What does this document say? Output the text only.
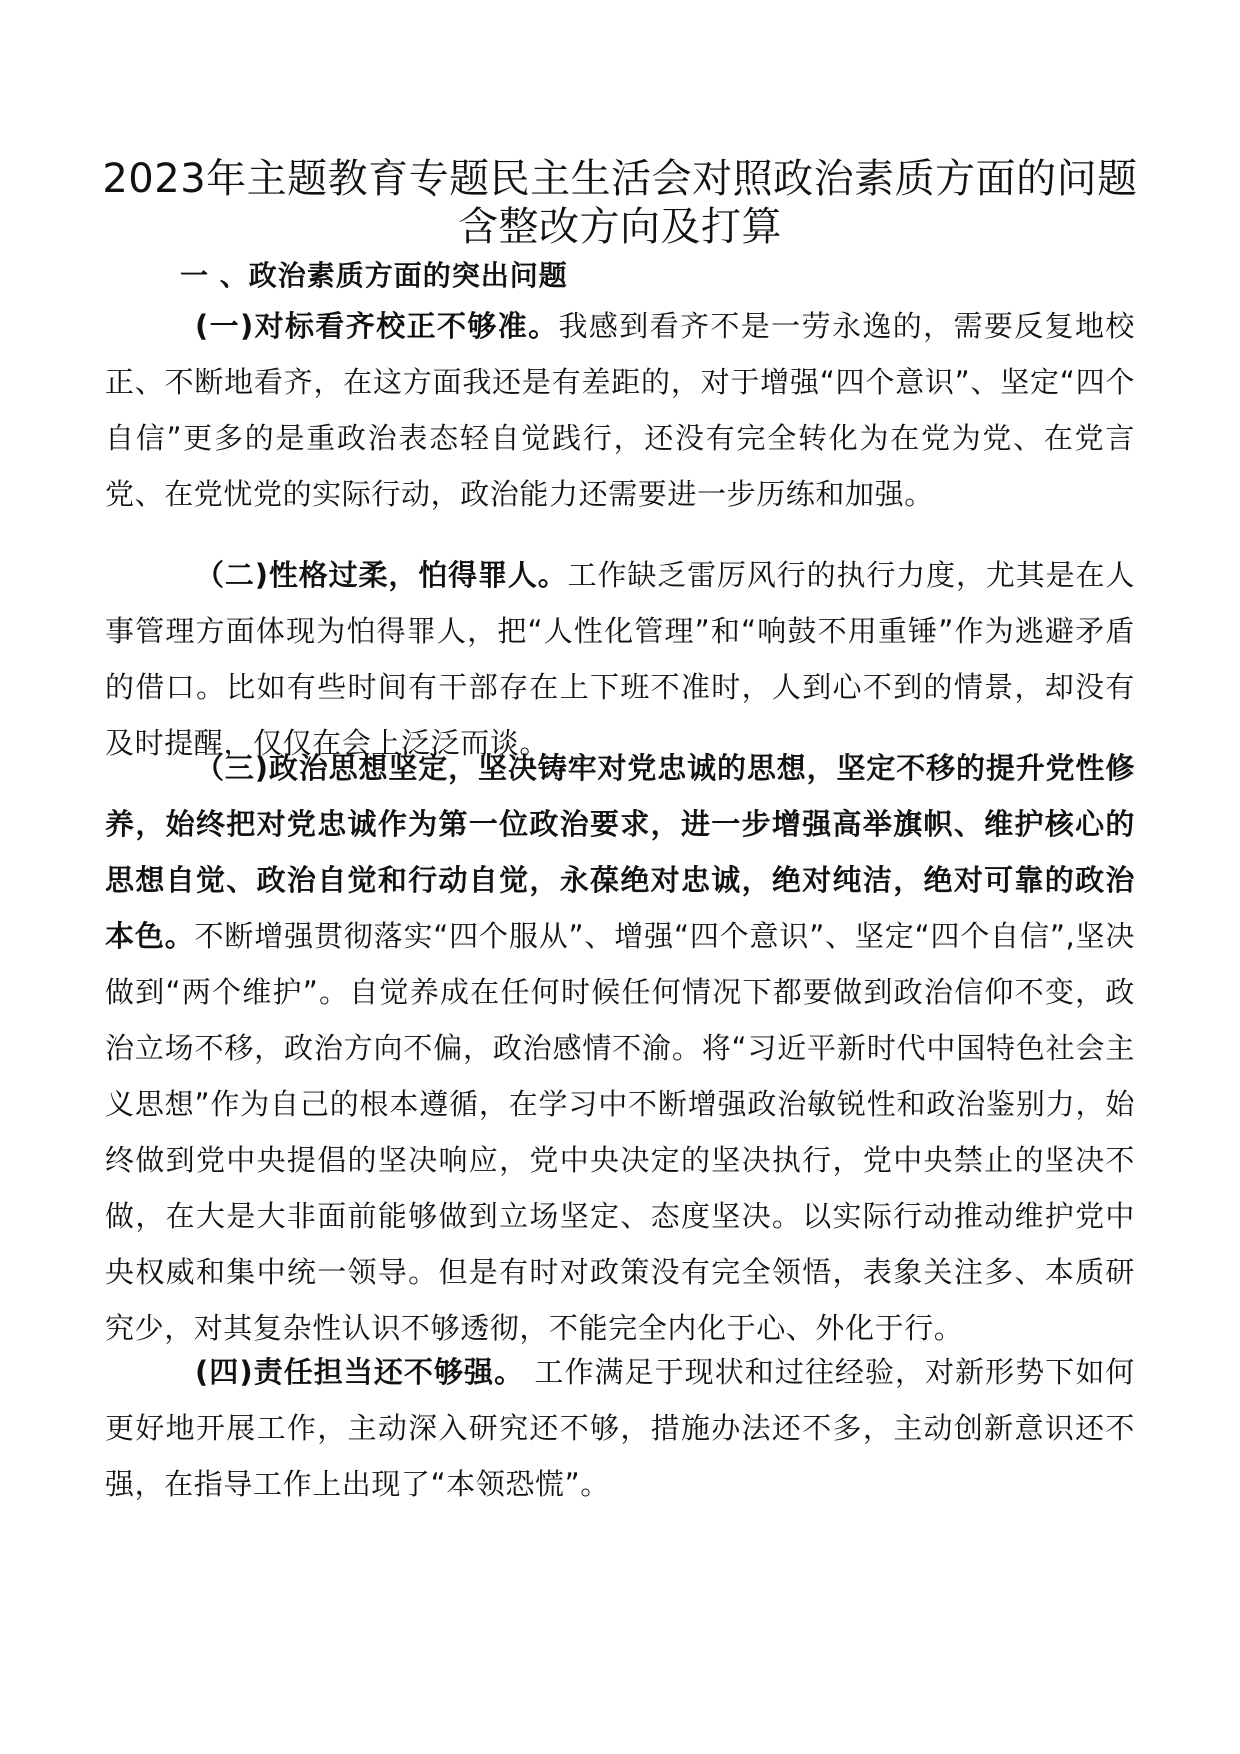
2023年主题教育专题民主生活会对照政治素质方面的问题含整改方向及打算
一 、政治素质方面的突出问题

(一)对标看齐校正不够准。我感到看齐不是一劳永逸的，需要反复地校正、不断地看齐，在这方面我还是有差距的，对于增强“四个意识”、坚定“四个自信”更多的是重政治表态轻自觉践行，还没有完全转化为在党为党、在党言党、在党忧党的实际行动，政治能力还需要进一步历练和加强。

（二)性格过柔，怕得罪人。工作缺乏雷厉风行的执行力度，尤其是在人事管理方面体现为怕得罪人，把“人性化管理”和“响鼓不用重锤”作为逃避矛盾的借口。比如有些时间有干部存在上下班不准时，人到心不到的情景，却没有及时提醒，仅仅在会上泛泛而谈。

（三)政治思想坚定，坚决铸牢对党忠诚的思想，坚定不移的提升党性修养，始终把对党忠诚作为第一位政治要求，进一步增强高举旗帜、维护核心的思想自觉、政治自觉和行动自觉，永葆绝对忠诚，绝对纯洁，绝对可靠的政治本色。不断增强贯彻落实“四个服从”、增强“四个意识”、坚定“四个自信”,坚决做到“两个维护”。自觉养成在任何时候任何情况下都要做到政治信仰不变，政治立场不移，政治方向不偏，政治感情不渝。将“习近平新时代中国特色社会主义思想”作为自己的根本遵循，在学习中不断增强政治敏锐性和政治鉴别力，始终做到党中央提倡的坚决响应，党中央决定的坚决执行，党中央禁止的坚决不做，在大是大非面前能够做到立场坚定、态度坚决。以实际行动推动维护党中央权威和集中统一领导。但是有时对政策没有完全领悟，表象关注多、本质研究少，对其复杂性认识不够透彻，不能完全内化于心、外化于行。

(四)责任担当还不够强。 工作满足于现状和过往经验，对新形势下如何更好地开展工作，主动深入研究还不够，措施办法还不多，主动创新意识还不强，在指导工作上出现了“本领恐慌”。
